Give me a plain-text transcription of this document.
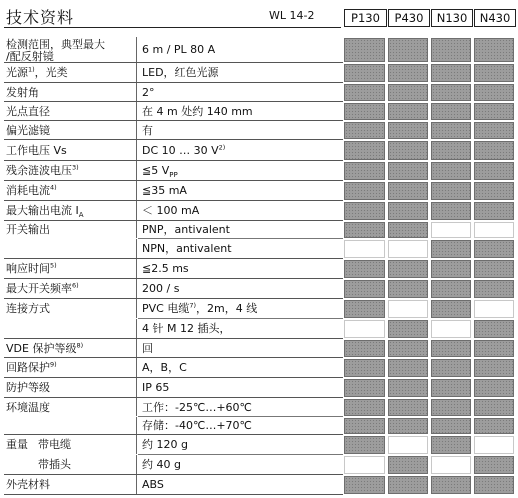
技术资料	WL 14-2	P130	P430	N130	N430
检测范围，典型最大
/配反射镜
6 m / PL 80 A
光源$^{1)}$，光类	LED，红色光源
发射角	2°
光点直径	在 4 m 处约 140 mm
偏光滤镜	有
工作电压 Vs	DC 10 … 30 $V^{2)}$
残余涟波电压$^{3)}$	≦5 $V_{PP}$
消耗电流$^{4)}$	≦35 mA
最大输出电流 $I_A$	＜ 100 mA
开关输出	PNP，antivalent
NPN，antivalent
响应时间$^{5)}$	≦2.5 ms
最大开关频率$^{6)}$	200 / s
连接方式	PVC 电缆$^{7)}$，2m，4 线
4 针 M 12 插头，
VDE 保护等级$^{8)}$	回
回路保护$^{9)}$	A，B，C
防护等级	IP 65
环境温度	工作：-25℃…+60℃
存储：-40℃…+70℃
重量 带电缆	约 120 g
带插头	约 40 g
外壳材料	ABS
